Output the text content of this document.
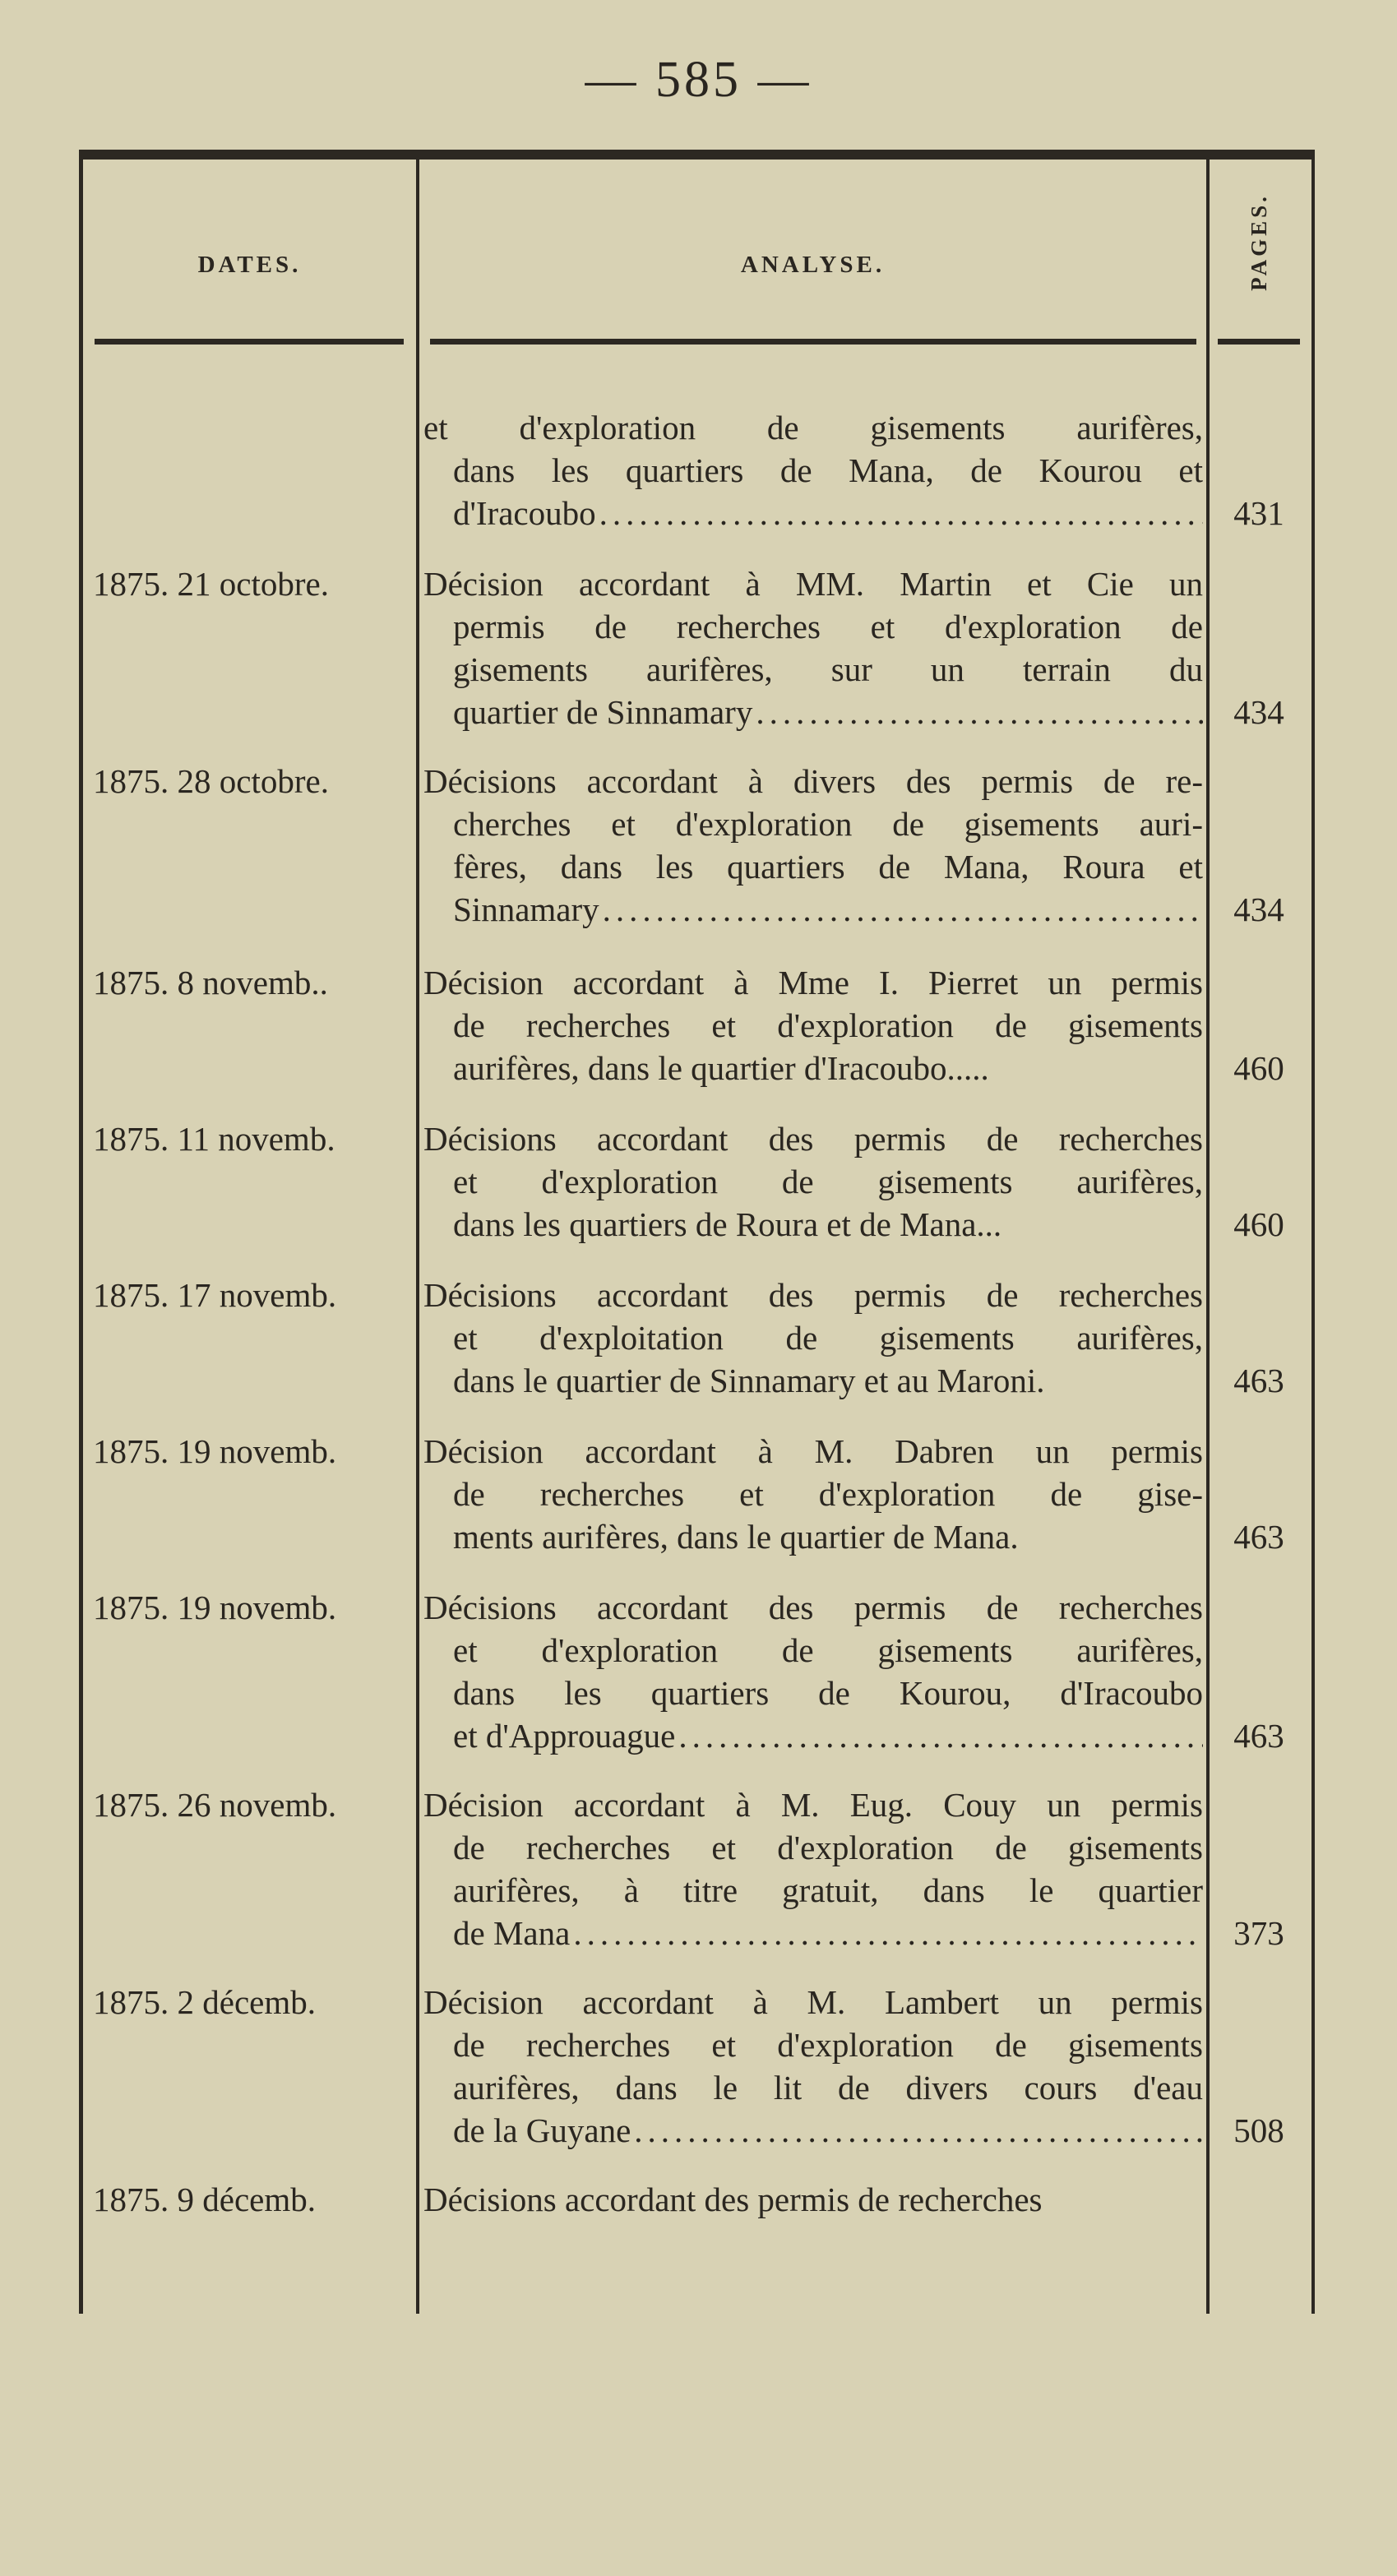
— 585 —
DATES.	ANALYSE.	PAGES.
et d'exploration de gisements aurifères,
dans les quartiers de Mana, de Kourou et
d'Iracoubo .....	431
1875. 21 octobre.	Décision accordant à MM. Martin et Cie un
permis de recherches et d'exploration de
gisements aurifères, sur un terrain du
quartier de Sinnamary .....	434
1875. 28 octobre.	Décisions accordant à divers des permis de re-
cherches et d'exploration de gisements auri-
fères, dans les quartiers de Mana, Roura et
Sinnamary .....	434
1875. 8 novemb..	Décision accordant à Mme I. Pierret un permis
de recherches et d'exploration de gisements
aurifères, dans le quartier d'Iracoubo.....	460
1875. 11 novemb.	Décisions accordant des permis de recherches
et d'exploration de gisements aurifères,
dans les quartiers de Roura et de Mana...	460
1875. 17 novemb.	Décisions accordant des permis de recherches
et d'exploitation de gisements aurifères,
dans le quartier de Sinnamary et au Maroni.	463
1875. 19 novemb.	Décision accordant à M. Dabren un permis
de recherches et d'exploration de gise-
ments aurifères, dans le quartier de Mana.	463
1875. 19 novemb.	Décisions accordant des permis de recherches
et d'exploration de gisements aurifères,
dans les quartiers de Kourou, d'Iracoubo
et d'Approuague .....	463
1875. 26 novemb.	Décision accordant à M. Eug. Couy un permis
de recherches et d'exploration de gisements
aurifères, à titre gratuit, dans le quartier
de Mana .....	373
1875. 2 décemb.	Décision accordant à M. Lambert un permis
de recherches et d'exploration de gisements
aurifères, dans le lit de divers cours d'eau
de la Guyane .....	508
1875. 9 décemb.	Décisions accordant des permis de recherches
